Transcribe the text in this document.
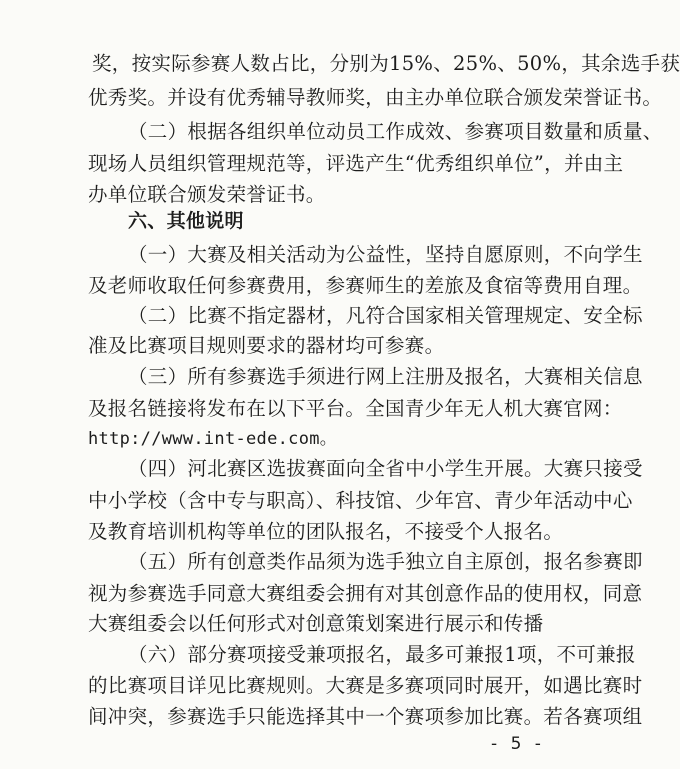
奖，按实际参赛人数占比，分别为15%、25%、50%，其余选手获
优秀奖。并设有优秀辅导教师奖，由主办单位联合颁发荣誉证书。
（二）根据各组织单位动员工作成效、参赛项目数量和质量、
现场人员组织管理规范等，评选产生“优秀组织单位”，并由主
办单位联合颁发荣誉证书。
六、其他说明
（一）大赛及相关活动为公益性，坚持自愿原则，不向学生
及老师收取任何参赛费用，参赛师生的差旅及食宿等费用自理。
（二）比赛不指定器材，凡符合国家相关管理规定、安全标
准及比赛项目规则要求的器材均可参赛。
（三）所有参赛选手须进行网上注册及报名，大赛相关信息
及报名链接将发布在以下平台。全国青少年无人机大赛官网：
http://www.int-ede.com。
（四）河北赛区选拔赛面向全省中小学生开展。大赛只接受
中小学校（含中专与职高）、科技馆、少年宫、青少年活动中心
及教育培训机构等单位的团队报名，不接受个人报名。
（五）所有创意类作品须为选手独立自主原创，报名参赛即
视为参赛选手同意大赛组委会拥有对其创意作品的使用权，同意
大赛组委会以任何形式对创意策划案进行展示和传播
（六）部分赛项接受兼项报名，最多可兼报1项，不可兼报
的比赛项目详见比赛规则。大赛是多赛项同时展开，如遇比赛时
间冲突，参赛选手只能选择其中一个赛项参加比赛。若各赛项组
- 5 -
